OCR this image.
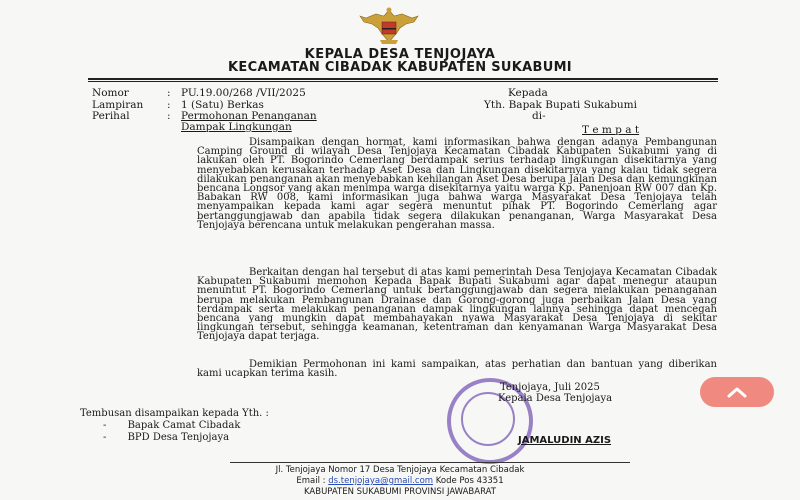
KEPALA DESA TENJOJAYA
KECAMATAN CIBADAK KABUPATEN SUKABUMI
Nomor	: PU.19.00/268 /VII/2025
Lampiran : 1 (Satu) Berkas
Perihal	: Permohonan Penanganan
Dampak Lingkungan
Kepada
Yth. Bapak Bupati Sukabumi
di-
T e m p a t
Disampaikan dengan hormat, kami informasikan bahwa dengan adanya Pembangunan Camping Ground di wilayah Desa Tenjojaya Kecamatan Cibadak Kabupaten Sukabumi yang di lakukan oleh PT. Bogorindo Cemerlang berdampak serius terhadap lingkungan disekitarnya yang menyebabkan kerusakan terhadap Aset Desa dan Lingkungan disekitarnya yang kalau tidak segera dilakukan penanganan akan menyebabkan kehilangan Aset Desa berupa Jalan Desa dan kemungkinan bencana Longsor yang akan menimpa warga disekitarnya yaitu warga Kp. Panenjoan RW 007 dan Kp. Babakan RW 008, kami informasikan juga bahwa warga Masyarakat Desa Tenjojaya telah menyampaikan kepada kami agar segera menuntut pihak PT. Bogorindo Cemerlang agar bertanggungjawab dan apabila tidak segera dilakukan penanganan, Warga Masyarakat Desa Tenjojaya berencana untuk melakukan pengerahan massa.
Berkaitan dengan hal tersebut di atas kami pemerintah Desa Tenjojaya Kecamatan Cibadak Kabupaten Sukabumi memohon Kepada Bapak Bupati Sukabumi agar dapat menegur ataupun menuntut PT. Bogorindo Cemerlang untuk bertanggungjawab dan segera melakukan penanganan berupa melakukan Pembangunan Drainase dan Gorong-gorong juga perbaikan Jalan Desa yang terdampak serta melakukan penanganan dampak lingkungan lainnya sehingga dapat mencegah bencana yang mungkin dapat membahayakan nyawa Masyarakat Desa Tenjojaya di sekitar lingkungan tersebut, sehingga keamanan, ketentraman dan kenyamanan Warga Masyarakat Desa Tenjojaya dapat terjaga.
Demikian Permohonan ini kami sampaikan, atas perhatian dan bantuan yang diberikan kami ucapkan terima kasih.
Tenjojaya, Juli 2025
Kepala Desa Tenjojaya
JAMALUDIN AZIS
Tembusan disampaikan kepada Yth. :
- Bapak Camat Cibadak
- BPD Desa Tenjojaya
Jl. Tenjojaya Nomor 17 Desa Tenjojaya Kecamatan Cibadak
Email : ds.tenjojaya@gmail.com Kode Pos 43351
KABUPATEN SUKABUMI PROVINSI JAWABARAT
